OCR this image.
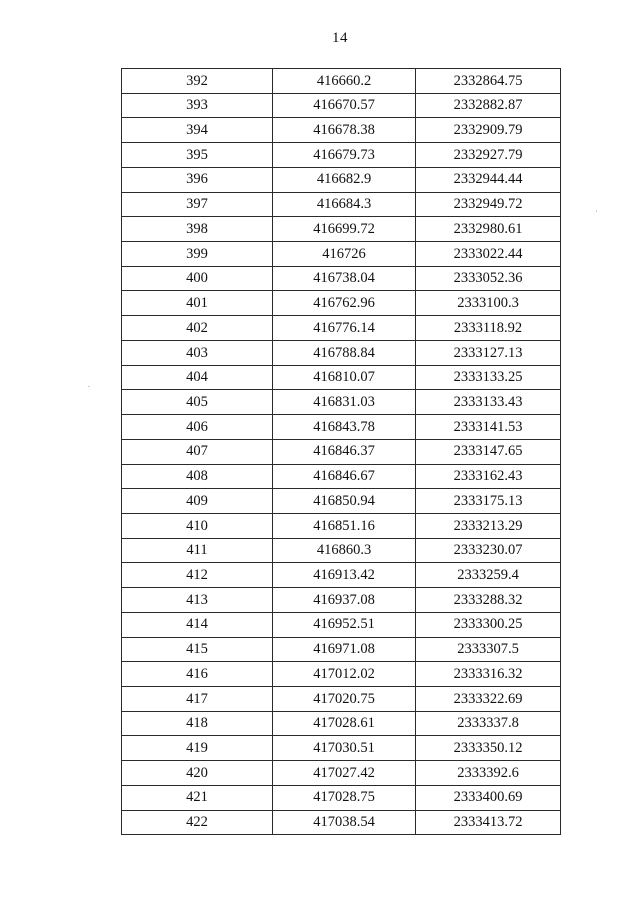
14
392	416660.2	2332864.75
393	416670.57	2332882.87
394	416678.38	2332909.79
395	416679.73	2332927.79
396	416682.9	2332944.44
397	416684.3	2332949.72
398	416699.72	2332980.61
399	416726	2333022.44
400	416738.04	2333052.36
401	416762.96	2333100.3
402	416776.14	2333118.92
403	416788.84	2333127.13
404	416810.07	2333133.25
405	416831.03	2333133.43
406	416843.78	2333141.53
407	416846.37	2333147.65
408	416846.67	2333162.43
409	416850.94	2333175.13
410	416851.16	2333213.29
411	416860.3	2333230.07
412	416913.42	2333259.4
413	416937.08	2333288.32
414	416952.51	2333300.25
415	416971.08	2333307.5
416	417012.02	2333316.32
417	417020.75	2333322.69
418	417028.61	2333337.8
419	417030.51	2333350.12
420	417027.42	2333392.6
421	417028.75	2333400.69
422	417038.54	2333413.72
